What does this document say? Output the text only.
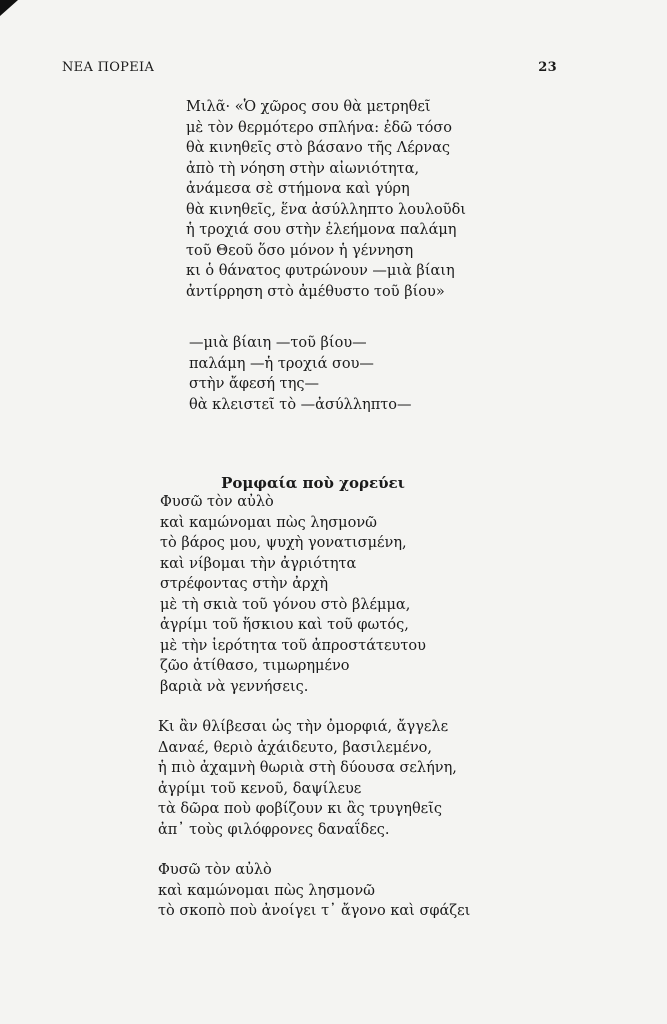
ΝΕΑ ΠΟΡΕΙΑ	23
Μιλᾶ· «Ὁ χῶρος σου θὰ μετρηθεῖ
μὲ τὸν θερμότερο σπλήνα: ἐδῶ τόσο
θὰ κινηθεῖς στὸ βάσανο τῆς Λέρνας
ἀπὸ τὴ νόηση στὴν αἰωνιότητα,
ἀνάμεσα σὲ στήμονα καὶ γύρη
θὰ κινηθεῖς, ἕνα ἀσύλληπτο λουλοῦδι
ἡ τροχιά σου στὴν ἐλεήμονα παλάμη
τοῦ Θεοῦ ὅσο μόνον ἡ γέννηση
κι ὁ θάνατος φυτρώνουν —μιὰ βίαιη
ἀντίρρηση στὸ ἀμέθυστο τοῦ βίου»
—μιὰ βίαιη —τοῦ βίου—
παλάμη —ἡ τροχιά σου—
στὴν ἄφεσή της—
θὰ κλειστεῖ τὸ —ἀσύλληπτο—
Ρομφαία ποὺ χορεύει
Φυσῶ τὸν αὐλὸ
καὶ καμώνομαι πὼς λησμονῶ
τὸ βάρος μου, ψυχὴ γονατισμένη,
καὶ νίβομαι τὴν ἀγριότητα
στρέφοντας στὴν ἀρχὴ
μὲ τὴ σκιὰ τοῦ γόνου στὸ βλέμμα,
ἀγρίμι τοῦ ἥσκιου καὶ τοῦ φωτός,
μὲ τὴν ἱερότητα τοῦ ἀπροστάτευτου
ζῶο ἀτίθασο, τιμωρημένο
βαριὰ νὰ γεννήσεις.
Κι ἂν θλίβεσαι ὡς τὴν ὀμορφιά, ἄγγελε
Δαναέ, θεριὸ ἀχάιδευτο, βασιλεμένο,
ἡ πιὸ ἀχαμνὴ θωριὰ στὴ δύουσα σελήνη,
ἀγρίμι τοῦ κενοῦ, δαψίλευε
τὰ δῶρα ποὺ φοβίζουν κι ἂς τρυγηθεῖς
ἀπ᾽ τοὺς φιλόφρονες δαναΐδες.
Φυσῶ τὸν αὐλὸ
καὶ καμώνομαι πὼς λησμονῶ
τὸ σκοπὸ ποὺ ἀνοίγει τ᾽ ἄγονο καὶ σφάζει
